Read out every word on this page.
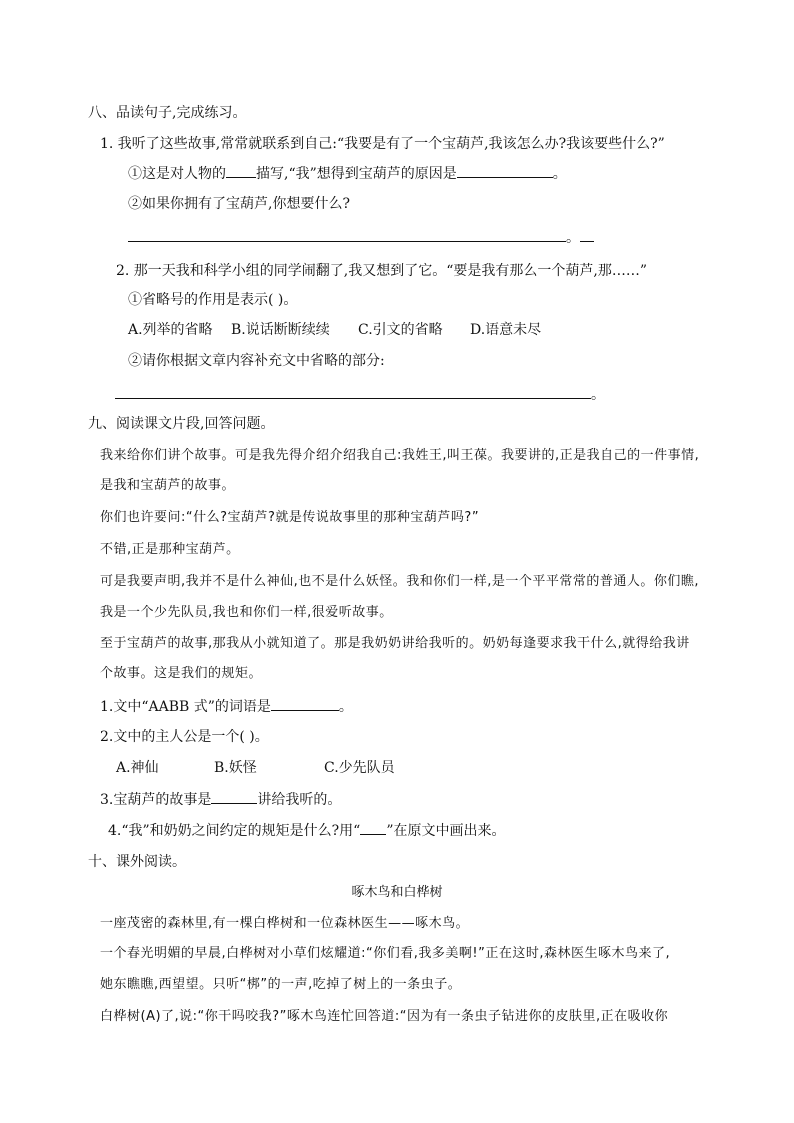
八、品读句子,完成练习。
1. 我听了这些故事,常常就联系到自己:“我要是有了一个宝葫芦,我该怎么办?我该要些什么?”
①这是对人物的 描写,“我”想得到宝葫芦的原因是	。
②如果你拥有了宝葫芦,你想要什么?
。
2. 那一天我和科学小组的同学闹翻了,我又想到了它。“要是我有那么一个葫芦,那……”
①省略号的作用是表示( )。
A.列举的省略 B.说话断断续续 C.引文的省略 D.语意未尽
②请你根据文章内容补充文中省略的部分:
。
九、阅读课文片段,回答问题。
我来给你们讲个故事。可是我先得介绍介绍我自己:我姓王,叫王葆。我要讲的,正是我自己的一件事情,
是我和宝葫芦的故事。
你们也许要问:“什么?宝葫芦?就是传说故事里的那种宝葫芦吗?”
不错,正是那种宝葫芦。
可是我要声明,我并不是什么神仙,也不是什么妖怪。我和你们一样,是一个平平常常的普通人。你们瞧,
我是一个少先队员,我也和你们一样,很爱听故事。
至于宝葫芦的故事,那我从小就知道了。那是我奶奶讲给我听的。奶奶每逢要求我干什么,就得给我讲
个故事。这是我们的规矩。
1.文中“AABB 式”的词语是	。
2.文中的主人公是一个( )。
A.神仙	B.妖怪	C.少先队员
3.宝葫芦的故事是	讲给我听的。
4.“我”和奶奶之间约定的规矩是什么?用“ ”在原文中画出来。
十、课外阅读。
啄木鸟和白桦树
一座茂密的森林里,有一棵白桦树和一位森林医生——啄木鸟。
一个春光明媚的早晨,白桦树对小草们炫耀道:“你们看,我多美啊!”正在这时,森林医生啄木鸟来了,
她东瞧瞧,西望望。只听“梆”的一声,吃掉了树上的一条虫子。
白桦树(A)了,说:“你干吗咬我?”啄木鸟连忙回答道:“因为有一条虫子钻进你的皮肤里,正在吸收你
